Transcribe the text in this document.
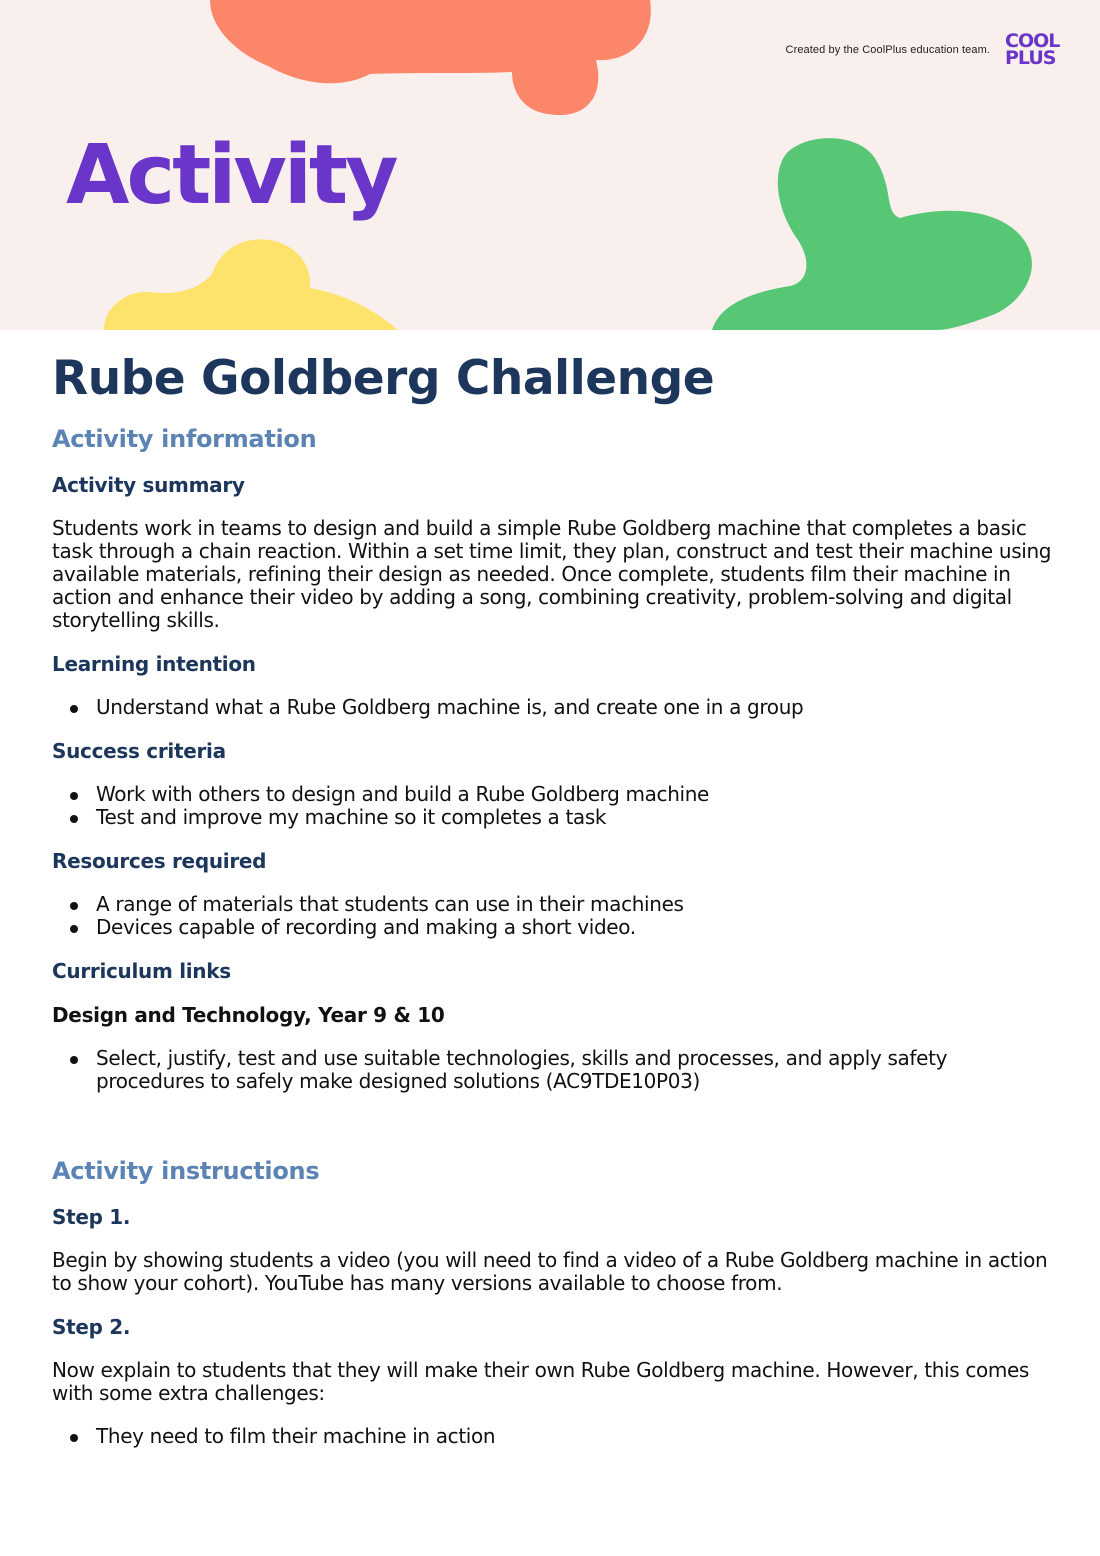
Created by the CoolPlus education team. COOL
PLUS
Activity
Rube Goldberg Challenge
Activity information
Activity summary

Students work in teams to design and build a simple Rube Goldberg machine that completes a basic task through a chain reaction. Within a set time limit, they plan, construct and test their machine using available materials, refining their design as needed. Once complete, students film their machine in action and enhance their video by adding a song, combining creativity, problem-solving and digital storytelling skills.

Learning intention
Understand what a Rube Goldberg machine is, and create one in a group
Success criteria
Work with others to design and build a Rube Goldberg machine
Test and improve my machine so it completes a task
Resources required
A range of materials that students can use in their machines
Devices capable of recording and making a short video.
Curriculum links
Design and Technology, Year 9 & 10
Select, justify, test and use suitable technologies, skills and processes, and apply safety procedures to safely make designed solutions (AC9TDE10P03)
Activity instructions
Step 1.

Begin by showing students a video (you will need to find a video of a Rube Goldberg machine in action to show your cohort). YouTube has many versions available to choose from.

Step 2.

Now explain to students that they will make their own Rube Goldberg machine. However, this comes with some extra challenges:

They need to film their machine in action
